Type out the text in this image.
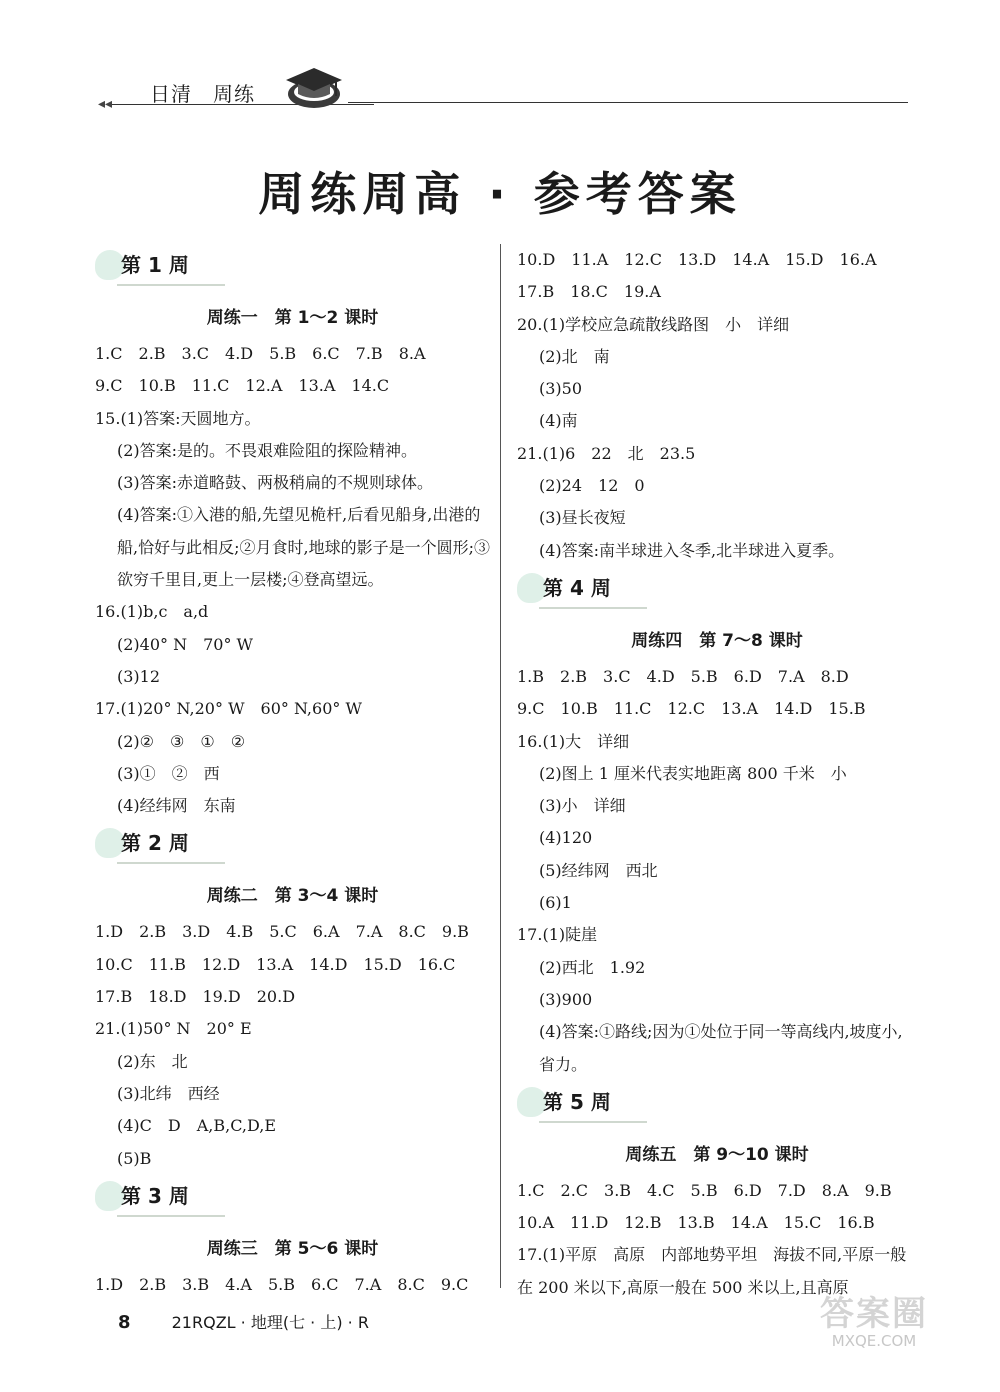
◂◂ 日清　周练
周练周高 · 参考答案
第 1 周
周练一　第 1～2 课时
1.C　2.B　3.C　4.D　5.B　6.C　7.B　8.A
9.C　10.B　11.C　12.A　13.A　14.C
15.(1)答案:天圆地方。
(2)答案:是的。不畏艰难险阻的探险精神。
(3)答案:赤道略鼓、两极稍扁的不规则球体。
(4)答案:①入港的船,先望见桅杆,后看见船身,出港的船,恰好与此相反;②月食时,地球的影子是一个圆形;③欲穷千里目,更上一层楼;④登高望远。
16.(1)b,c　a,d
(2)40° N　70° W
(3)12
17.(1)20° N,20° W　60° N,60° W
(2)②　③　①　②
(3)①　②　西
(4)经纬网　东南
第 2 周
周练二　第 3～4 课时
1.D　2.B　3.D　4.B　5.C　6.A　7.A　8.C　9.B
10.C　11.B　12.D　13.A　14.D　15.D　16.C
17.B　18.D　19.D　20.D
21.(1)50° N　20° E
(2)东　北
(3)北纬　西经
(4)C　D　A,B,C,D,E
(5)B
第 3 周
周练三　第 5～6 课时
1.D　2.B　3.B　4.A　5.B　6.C　7.A　8.C　9.C
10.D　11.A　12.C　13.D　14.A　15.D　16.A
17.B　18.C　19.A
20.(1)学校应急疏散线路图　小　详细
(2)北　南
(3)50
(4)南
21.(1)6　22　北　23.5
(2)24　12　0
(3)昼长夜短
(4)答案:南半球进入冬季,北半球进入夏季。
第 4 周
周练四　第 7～8 课时
1.B　2.B　3.C　4.D　5.B　6.D　7.A　8.D
9.C　10.B　11.C　12.C　13.A　14.D　15.B
16.(1)大　详细
(2)图上 1 厘米代表实地距离 800 千米　小
(3)小　详细
(4)120
(5)经纬网　西北
(6)1
17.(1)陡崖
(2)西北　1.92
(3)900
(4)答案:①路线;因为①处位于同一等高线内,坡度小,省力。
第 5 周
周练五　第 9～10 课时
1.C　2.C　3.B　4.C　5.B　6.D　7.D　8.A　9.B
10.A　11.D　12.B　13.B　14.A　15.C　16.B
17.(1)平原　高原　内部地势平坦　海拔不同,平原一般在 200 米以下,高原一般在 500 米以上,且高原
8	21RQZL · 地理(七 · 上) · R	答案圈
MXQE.COM
